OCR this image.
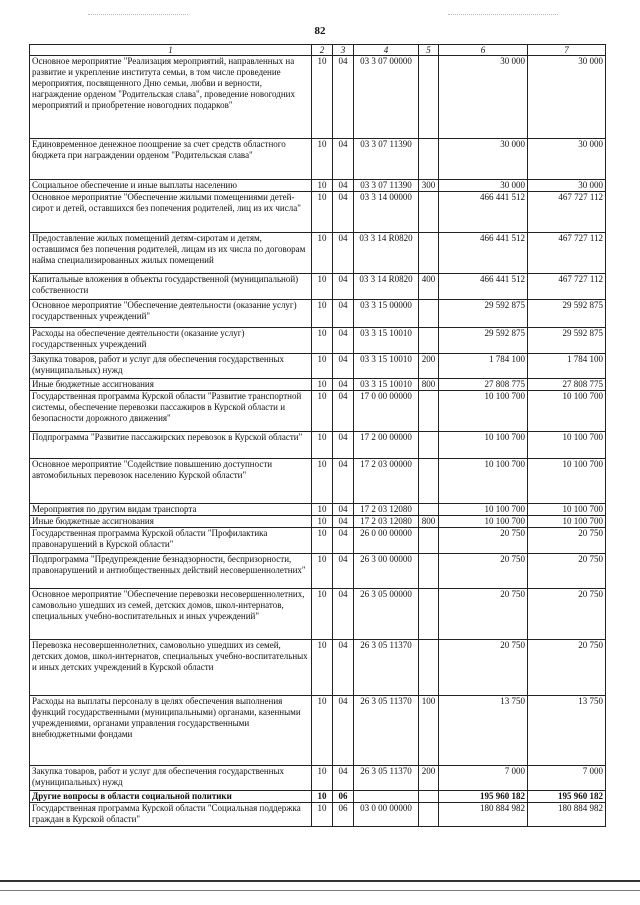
82
1	2	3	4	5	6	7
Основное мероприятие "Реализация мероприятий, направленных на развитие и укрепление института семьи, в том числе проведение мероприятия, посвященного Дню семьи, любви и верности, награждение орденом "Родительская слава", проведение новогодних мероприятий и приобретение новогодних подарков"	10	04	03 3 07 00000		30 000	30 000
Единовременное денежное поощрение за счет средств областного бюджета при награждении орденом "Родительская слава"	10	04	03 3 07 11390		30 000	30 000
Социальное обеспечение и иные выплаты населению	10	04	03 3 07 11390	300	30 000	30 000
Основное мероприятие "Обеспечение жилыми помещениями детей-сирот и детей, оставшихся без попечения родителей, лиц из их числа"	10	04	03 3 14 00000		466 441 512	467 727 112
Предоставление жилых помещений детям-сиротам и детям, оставшимся без попечения родителей, лицам из их числа по договорам найма специализированных жилых помещений	10	04	03 3 14 R0820		466 441 512	467 727 112
Капитальные вложения в объекты государственной (муниципальной) собственности	10	04	03 3 14 R0820	400	466 441 512	467 727 112
Основное мероприятие "Обеспечение деятельности (оказание услуг) государственных учреждений"	10	04	03 3 15 00000		29 592 875	29 592 875
Расходы на обеспечение деятельности (оказание услуг) государственных учреждений	10	04	03 3 15 10010		29 592 875	29 592 875
Закупка товаров, работ и услуг для обеспечения государственных (муниципальных) нужд	10	04	03 3 15 10010	200	1 784 100	1 784 100
Иные бюджетные ассигнования	10	04	03 3 15 10010	800	27 808 775	27 808 775
Государственная программа Курской области "Развитие транспортной системы, обеспечение перевозки пассажиров в Курской области и безопасности дорожного движения"	10	04	17 0 00 00000		10 100 700	10 100 700
Подпрограмма "Развитие пассажирских перевозок в Курской области"	10	04	17 2 00 00000		10 100 700	10 100 700
Основное мероприятие "Содействие повышению доступности автомобильных перевозок населению Курской области"	10	04	17 2 03 00000		10 100 700	10 100 700
Мероприятия по другим видам транспорта	10	04	17 2 03 12080		10 100 700	10 100 700
Иные бюджетные ассигнования	10	04	17 2 03 12080	800	10 100 700	10 100 700
Государственная программа Курской области "Профилактика правонарушений в Курской области"	10	04	26 0 00 00000		20 750	20 750
Подпрограмма "Предупреждение безнадзорности, беспризорности, правонарушений и антиобщественных действий несовершеннолетних"	10	04	26 3 00 00000		20 750	20 750
Основное мероприятие "Обеспечение перевозки несовершеннолетних, самовольно ушедших из семей, детских домов, школ-интернатов, специальных учебно-воспитательных и иных учреждений"	10	04	26 3 05 00000		20 750	20 750
Перевозка несовершеннолетних, самовольно ушедших из семей, детских домов, школ-интернатов, специальных учебно-воспитательных и иных детских учреждений в Курской области	10	04	26 3 05 11370		20 750	20 750
Расходы на выплаты персоналу в целях обеспечения выполнения функций государственными (муниципальными) органами, казенными учреждениями, органами управления государственными внебюджетными фондами	10	04	26 3 05 11370	100	13 750	13 750
Закупка товаров, работ и услуг для обеспечения государственных (муниципальных) нужд	10	04	26 3 05 11370	200	7 000	7 000
Другие вопросы в области социальной политики	10	06			195 960 182	195 960 182
Государственная программа Курской области "Социальная поддержка граждан в Курской области"	10	06	03 0 00 00000		180 884 982	180 884 982
